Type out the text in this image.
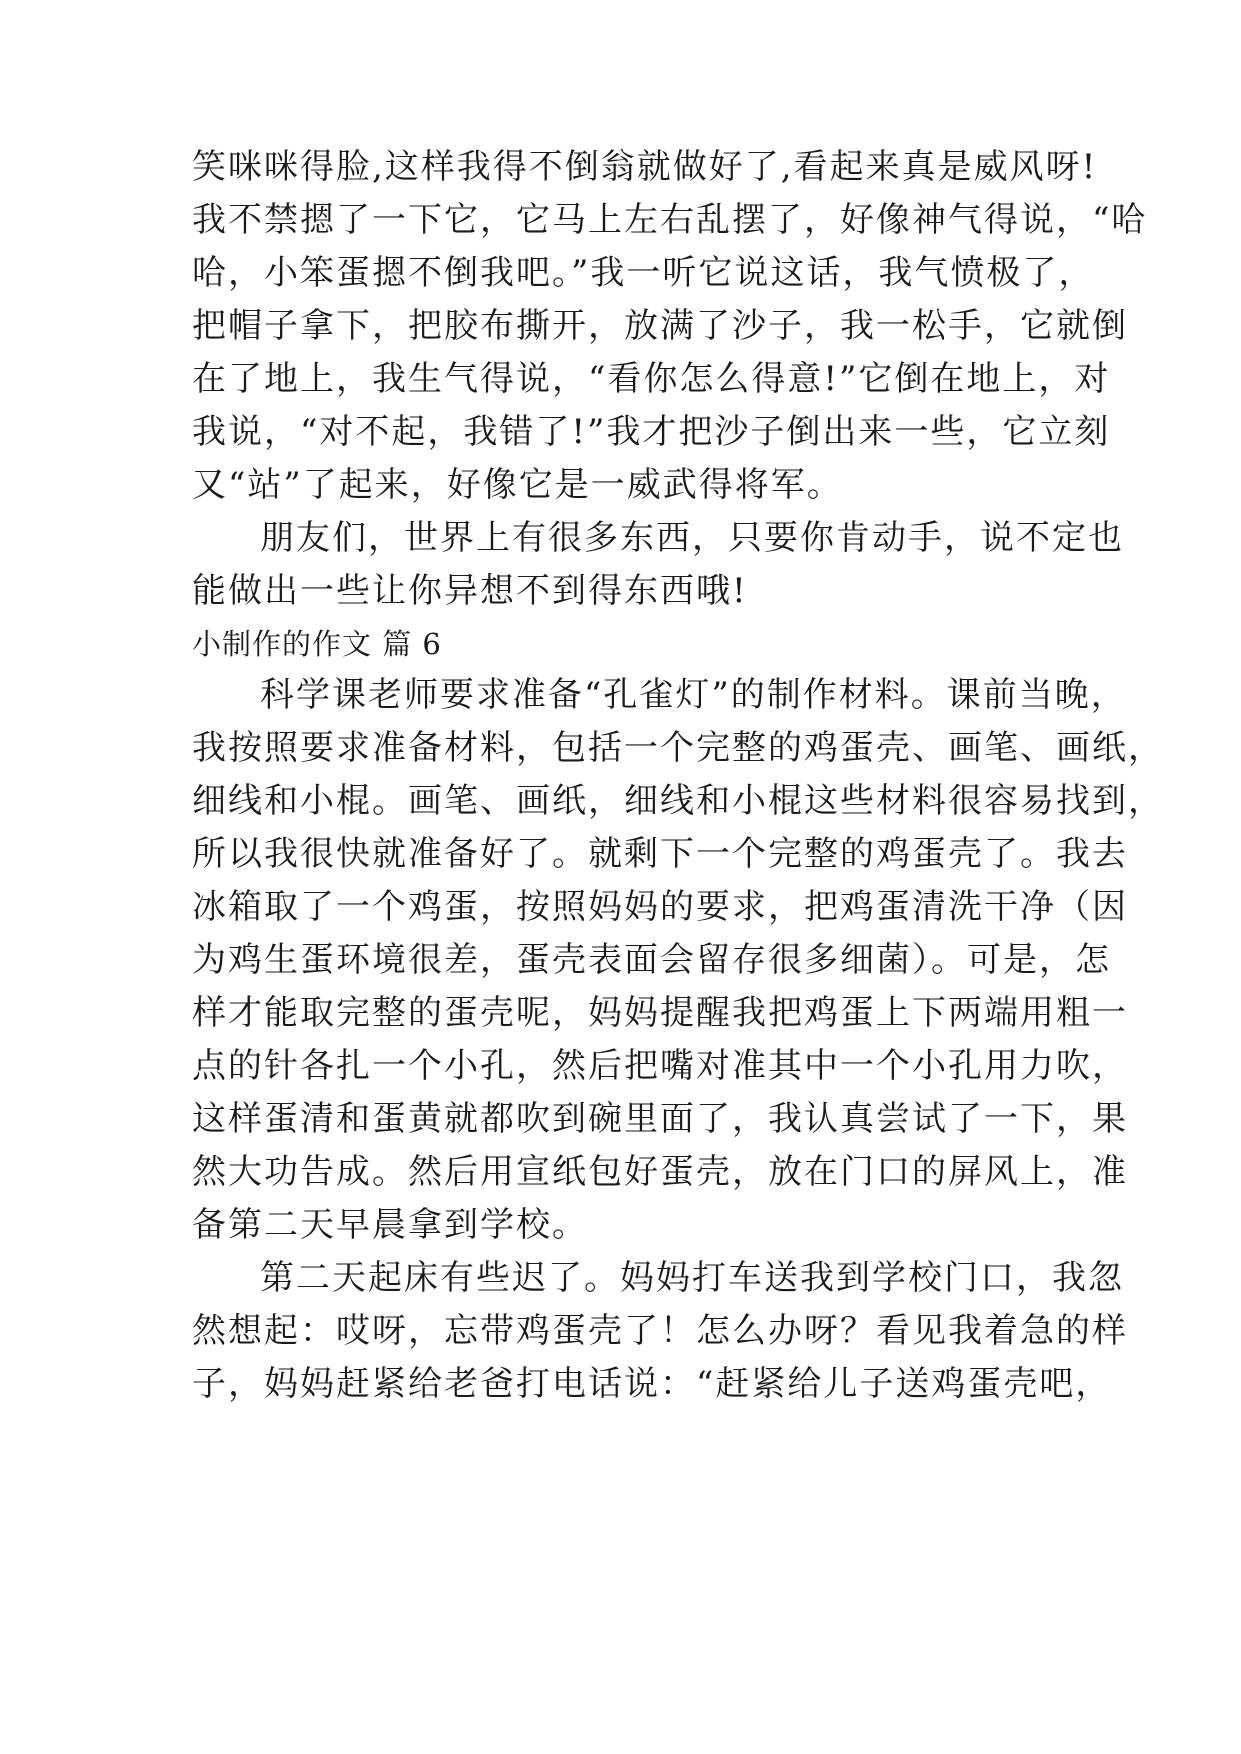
笑咪咪得脸,这样我得不倒翁就做好了,看起来真是威风呀!
我不禁摁了一下它，它马上左右乱摆了，好像神气得说，“哈
哈，小笨蛋摁不倒我吧。”我一听它说这话，我气愤极了，
把帽子拿下，把胶布撕开，放满了沙子，我一松手，它就倒
在了地上，我生气得说，“看你怎么得意!”它倒在地上，对
我说，“对不起，我错了!”我才把沙子倒出来一些，它立刻
又“站”了起来，好像它是一威武得将军。
朋友们，世界上有很多东西，只要你肯动手，说不定也
能做出一些让你异想不到得东西哦!
小制作的作文 篇 6
科学课老师要求准备“孔雀灯”的制作材料。课前当晚，
我按照要求准备材料，包括一个完整的鸡蛋壳、画笔、画纸，
细线和小棍。画笔、画纸，细线和小棍这些材料很容易找到，
所以我很快就准备好了。就剩下一个完整的鸡蛋壳了。我去
冰箱取了一个鸡蛋，按照妈妈的要求，把鸡蛋清洗干净（因
为鸡生蛋环境很差，蛋壳表面会留存很多细菌）。可是，怎
样才能取完整的蛋壳呢，妈妈提醒我把鸡蛋上下两端用粗一
点的针各扎一个小孔，然后把嘴对准其中一个小孔用力吹，
这样蛋清和蛋黄就都吹到碗里面了，我认真尝试了一下，果
然大功告成。然后用宣纸包好蛋壳，放在门口的屏风上，准
备第二天早晨拿到学校。
第二天起床有些迟了。妈妈打车送我到学校门口，我忽
然想起：哎呀，忘带鸡蛋壳了！怎么办呀？看见我着急的样
子，妈妈赶紧给老爸打电话说：“赶紧给儿子送鸡蛋壳吧，
